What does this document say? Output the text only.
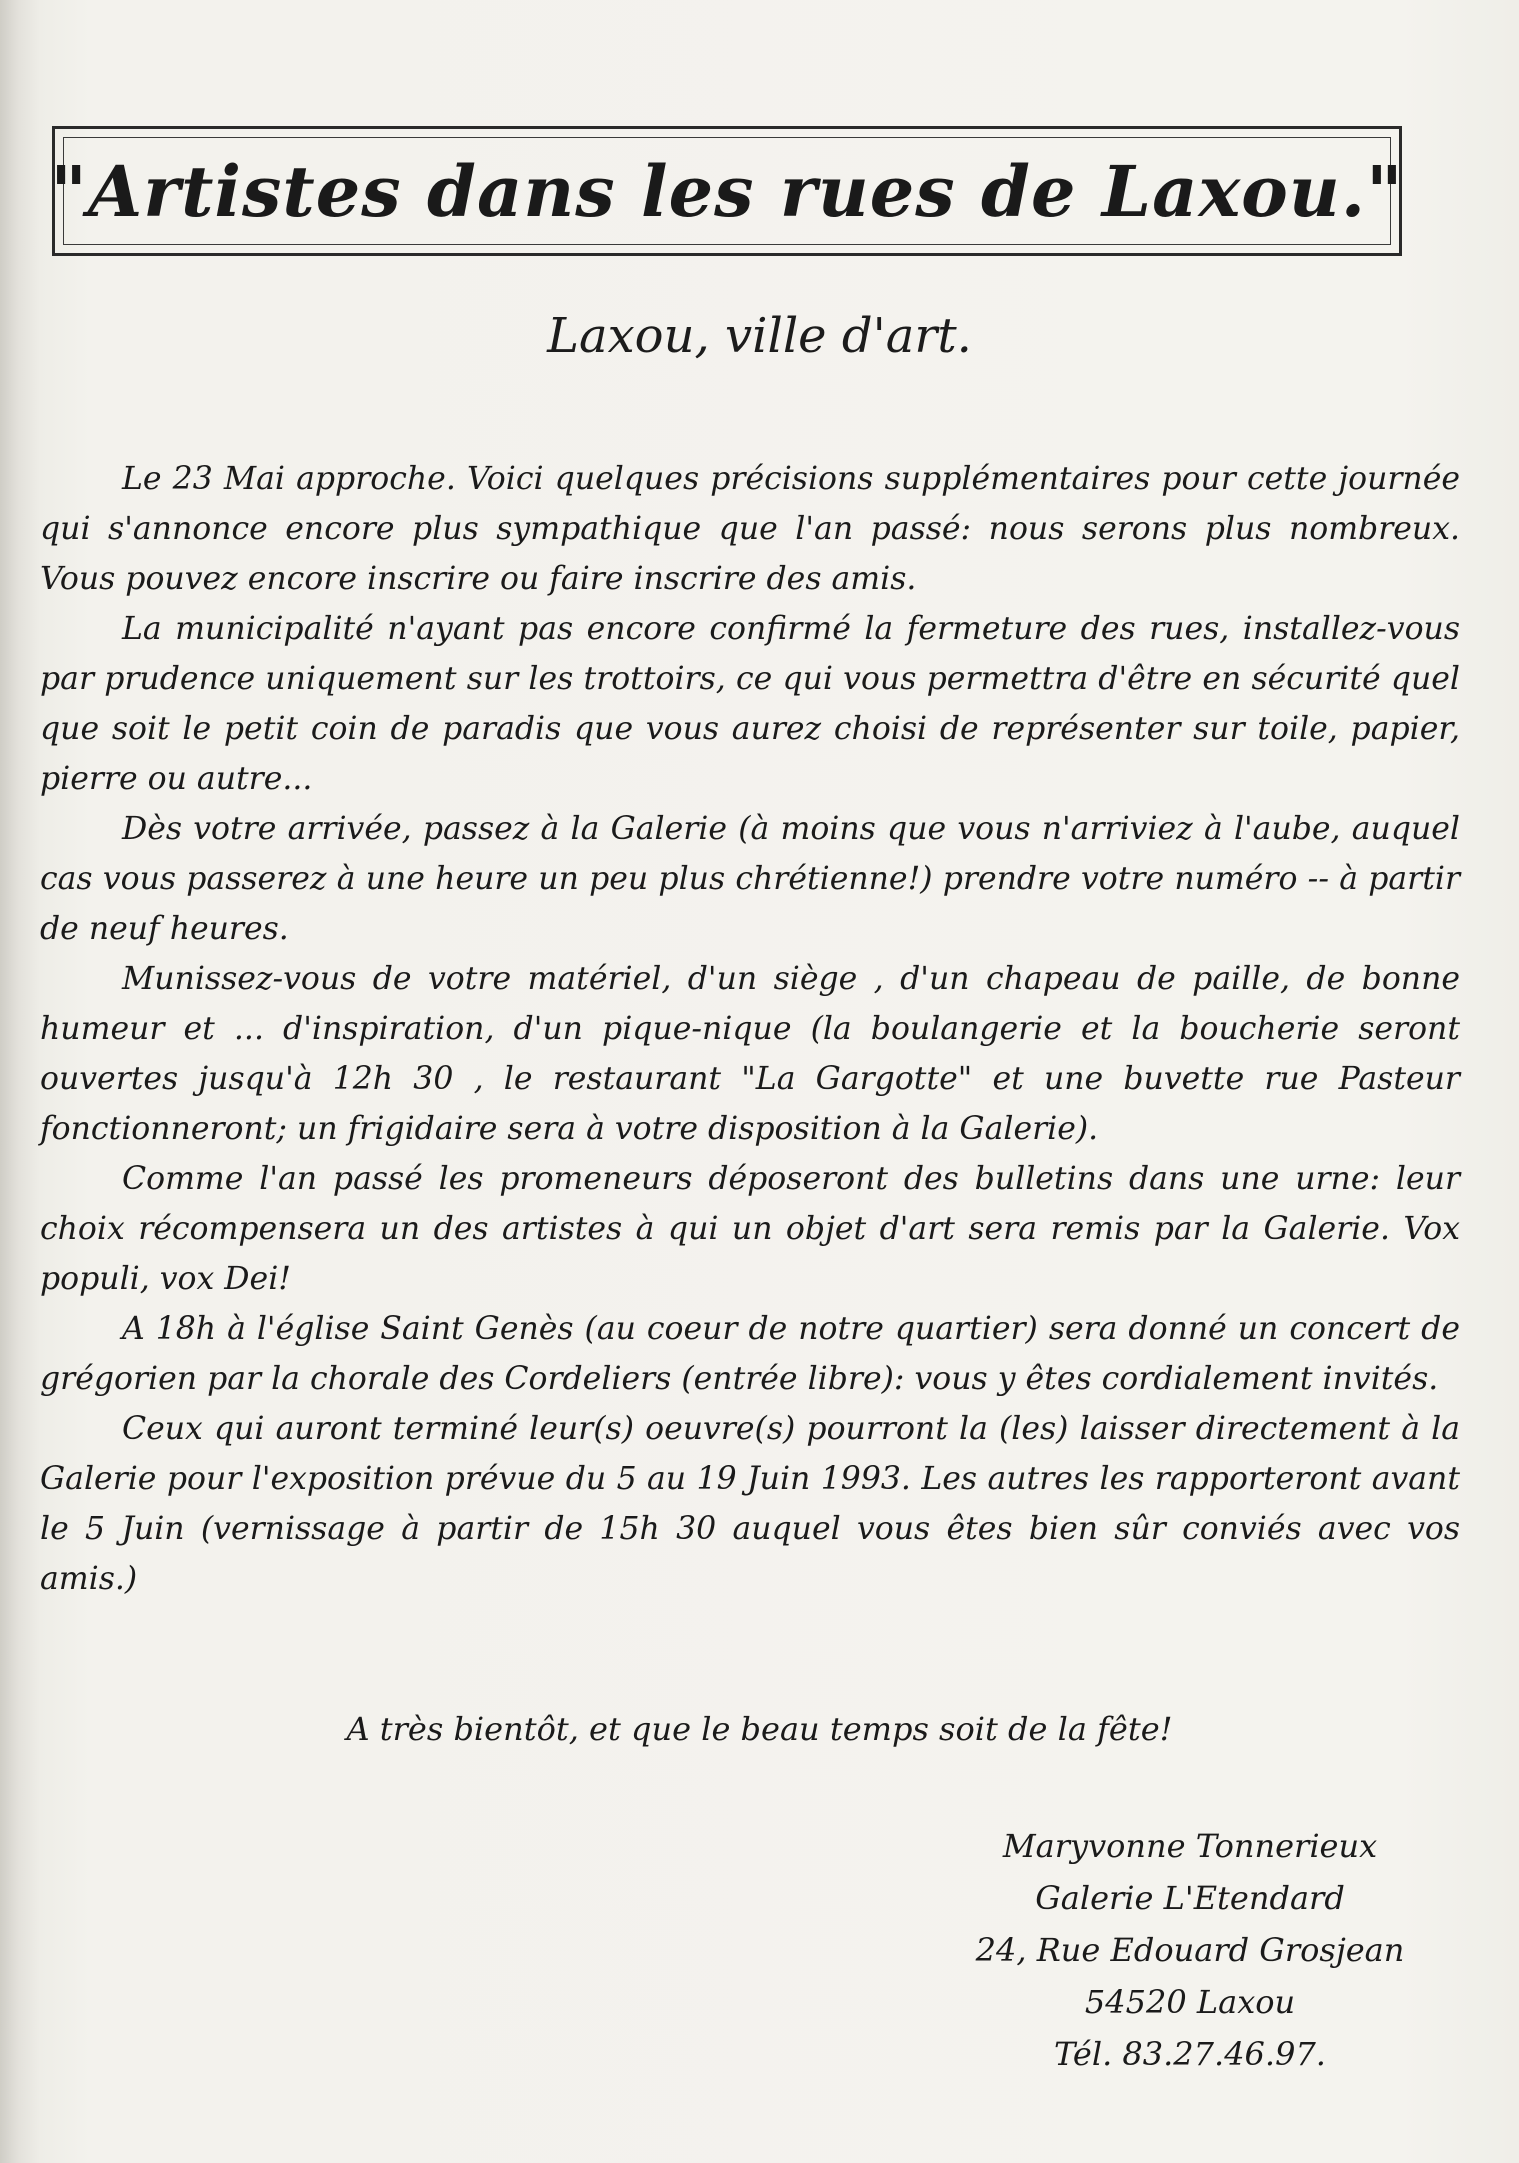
"Artistes dans les rues de Laxou."
Laxou, ville d'art.

Le 23 Mai approche. Voici quelques précisions supplémentaires pour cette journée qui s'annonce encore plus sympathique que l'an passé: nous serons plus nombreux. Vous pouvez encore inscrire ou faire inscrire des amis.

La municipalité n'ayant pas encore confirmé la fermeture des rues, installez-vous par prudence uniquement sur les trottoirs, ce qui vous permettra d'être en sécurité quel que soit le petit coin de paradis que vous aurez choisi de représenter sur toile, papier, pierre ou autre...

Dès votre arrivée, passez à la Galerie (à moins que vous n'arriviez à l'aube, auquel cas vous passerez à une heure un peu plus chrétienne!) prendre votre numéro -- à partir de neuf heures.

Munissez-vous de votre matériel, d'un siège , d'un chapeau de paille, de bonne humeur et ... d'inspiration, d'un pique-nique (la boulangerie et la boucherie seront ouvertes jusqu'à 12h 30 , le restaurant "La Gargotte" et une buvette rue Pasteur fonctionneront; un frigidaire sera à votre disposition à la Galerie).

Comme l'an passé les promeneurs déposeront des bulletins dans une urne: leur choix récompensera un des artistes à qui un objet d'art sera remis par la Galerie. Vox populi, vox Dei!

A 18h à l'église Saint Genès (au coeur de notre quartier) sera donné un concert de grégorien par la chorale des Cordeliers (entrée libre): vous y êtes cordialement invités.

Ceux qui auront terminé leur(s) oeuvre(s) pourront la (les) laisser directement à la Galerie pour l'exposition prévue du 5 au 19 Juin 1993. Les autres les rapporteront avant le 5 Juin (vernissage à partir de 15h 30 auquel vous êtes bien sûr conviés avec vos amis.)

A très bientôt, et que le beau temps soit de la fête!
Maryvonne Tonnerieux
Galerie L'Etendard
24, Rue Edouard Grosjean
54520 Laxou
Tél. 83.27.46.97.
